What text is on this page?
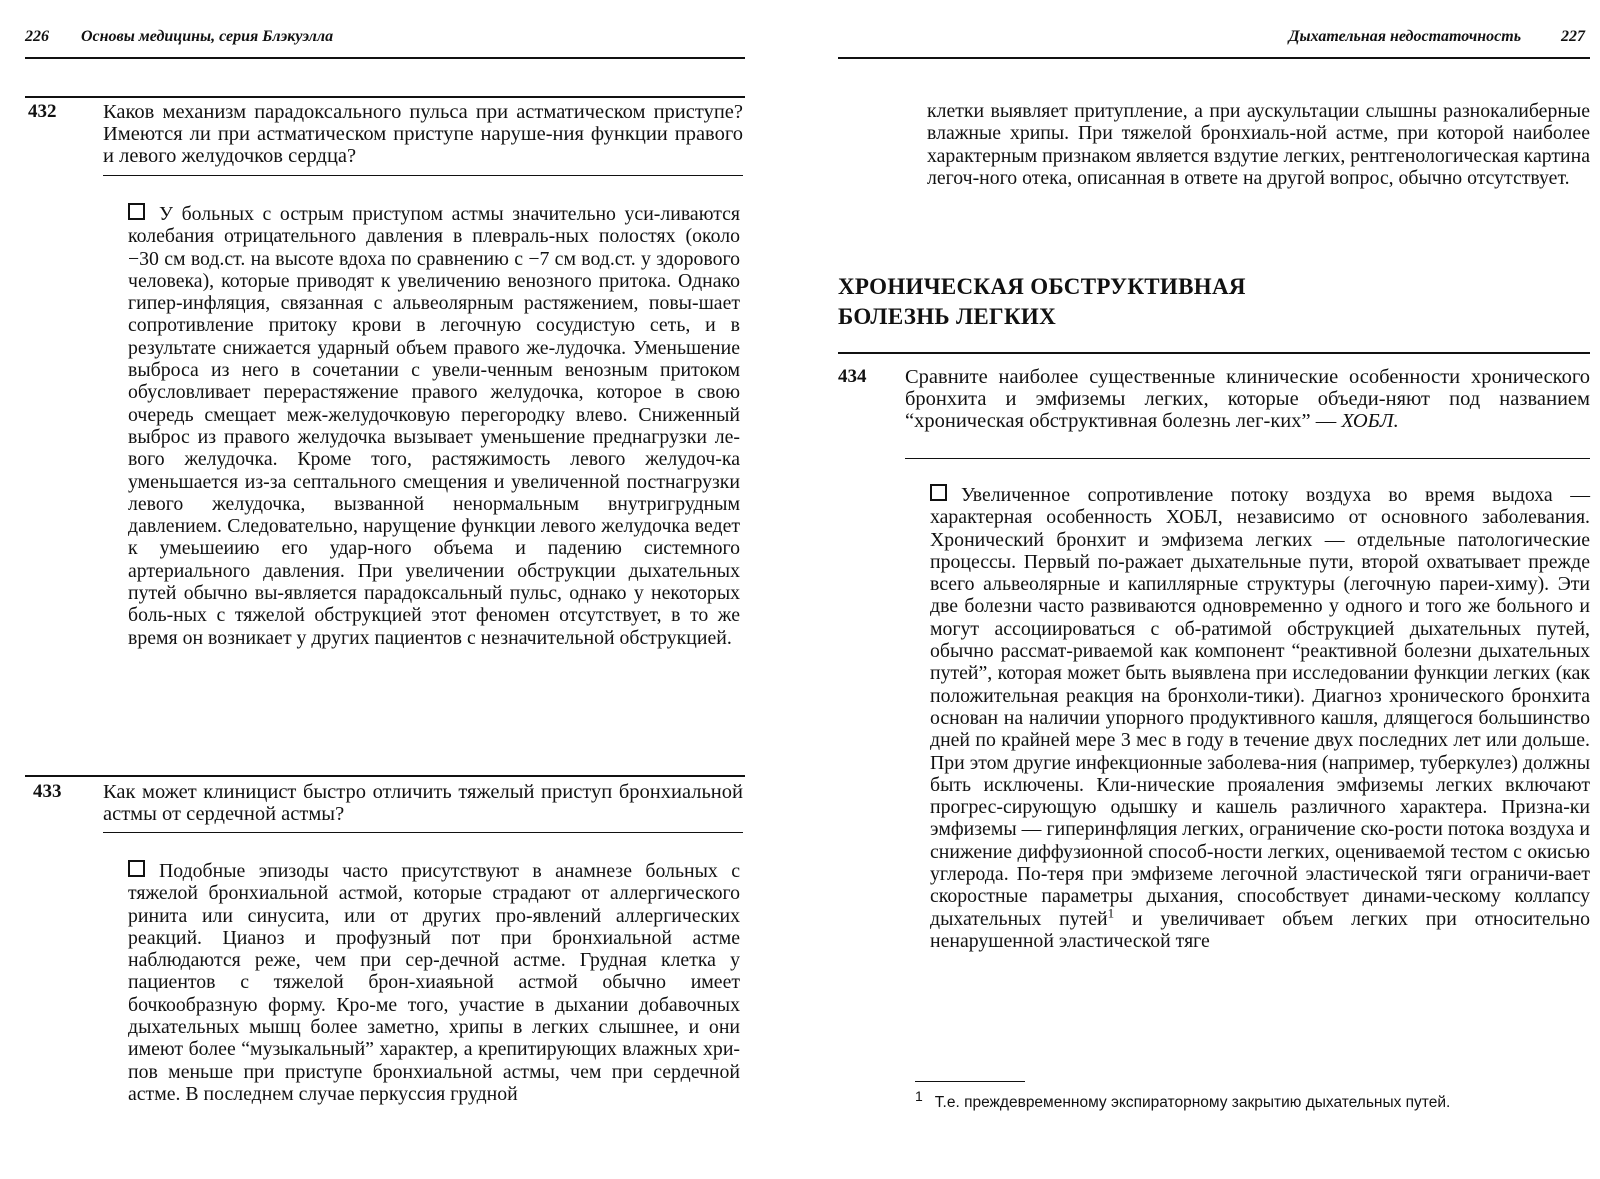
226 Основы медицины, серия Блэкуэлла
432 Каков механизм парадоксального пульса при астматическом приступе? Имеются ли при астматическом приступе наруше-ния функции правого и левого желудочков сердца?
У больных с острым приступом астмы значительно уси-ливаются колебания отрицательного давления в плевраль-ных полостях (около −30 см вод.ст. на высоте вдоха по сравнению с −7 см вод.ст. у здорового человека), которые приводят к увеличению венозного притока. Однако гипер-инфляция, связанная с альвеолярным растяжением, повы-шает сопротивление притоку крови в легочную сосудистую сеть, и в результате снижается ударный объем правого же-лудочка. Уменьшение выброса из него в сочетании с увели-ченным венозным притоком обусловливает перерастяжение правого желудочка, которое в свою очередь смещает меж-желудочковую перегородку влево. Сниженный выброс из правого желудочка вызывает уменьшение преднагрузки ле-вого желудочка. Кроме того, растяжимость левого желудоч-ка уменьшается из-за септального смещения и увеличенной постнагрузки левого желудочка, вызванной ненормальным внутригрудным давлением. Следовательно, нарущение функции левого желудочка ведет к умеьшеиию его удар-ного объема и падению системного артериального давления. При увеличении обструкции дыхательных путей обычно вы-является парадоксальный пульс, однако у некоторых боль-ных с тяжелой обструкцией этот феномен отсутствует, в то же время он возникает у других пациентов с незначительной обструкцией.
433 Как может клиницист быстро отличить тяжелый приступ бронхиальной астмы от сердечной астмы?
Подобные эпизоды часто присутствуют в анамнезе больных с тяжелой бронхиальной астмой, которые страдают от аллергического ринита или синусита, или от других про-явлений аллергических реакций. Цианоз и профузный пот при бронхиальной астме наблюдаются реже, чем при сер-дечной астме. Грудная клетка у пациентов с тяжелой брон-хиаяьной астмой обычно имеет бочкообразную форму. Кро-ме того, участие в дыхании добавочных дыхательных мышц более заметно, хрипы в легких слышнее, и они имеют более “музыкальный” характер, а крепитирующих влажных хри-пов меньше при приступе бронхиальной астмы, чем при сердечной астме. В последнем случае перкуссия грудной
Дыхательная недостаточность	227
клетки выявляет притупление, а при аускультации слышны разнокалиберные влажные хрипы. При тяжелой бронхиаль-ной астме, при которой наиболее характерным признаком является вздутие легких, рентгенологическая картина легоч-ного отека, описанная в ответе на другой вопрос, обычно отсутствует.
ХРОНИЧЕСКАЯ ОБСТРУКТИВНАЯ
БОЛЕЗНЬ ЛЕГКИХ
434 Сравните наиболее существенные клинические особенности хронического бронхита и эмфиземы легких, которые объеди-няют под названием “хроническая обструктивная болезнь лег-ких” — ХОБЛ.
Увеличенное сопротивление потоку воздуха во время выдоха — характерная особенность ХОБЛ, независимо от основного заболевания. Хронический бронхит и эмфизема легких — отдельные патологические процессы. Первый по-ражает дыхательные пути, второй охватывает прежде всего альвеолярные и капиллярные структуры (легочную пареи-химу). Эти две болезни часто развиваются одновременно у одного и того же больного и могут ассоциироваться с об-ратимой обструкцией дыхательных путей, обычно рассмат-риваемой как компонент “реактивной болезни дыхательных путей”, которая может быть выявлена при исследовании функции легких (как положительная реакция на бронхоли-тики). Диагноз хронического бронхита основан на наличии упорного продуктивного кашля, длящегося большинство дней по крайней мере 3 мес в году в течение двух последних лет или дольше. При этом другие инфекционные заболева-ния (например, туберкулез) должны быть исключены. Кли-нические прояаления эмфиземы легких включают прогрес-сирующую одышку и кашель различного характера. Призна-ки эмфиземы — гиперинфляция легких, ограничение ско-рости потока воздуха и снижение диффузионной способ-ности легких, оцениваемой тестом с окисью углерода. По-теря при эмфиземе легочной эластической тяги ограничи-вает скоростные параметры дыхания, способствует динами-ческому коллапсу дыхательных путей$^1$ и увеличивает объем легких при относительно ненарушенной эластической тяге
1 Т.е. преждевременному экспираторному закрытию дыхательных путей.
